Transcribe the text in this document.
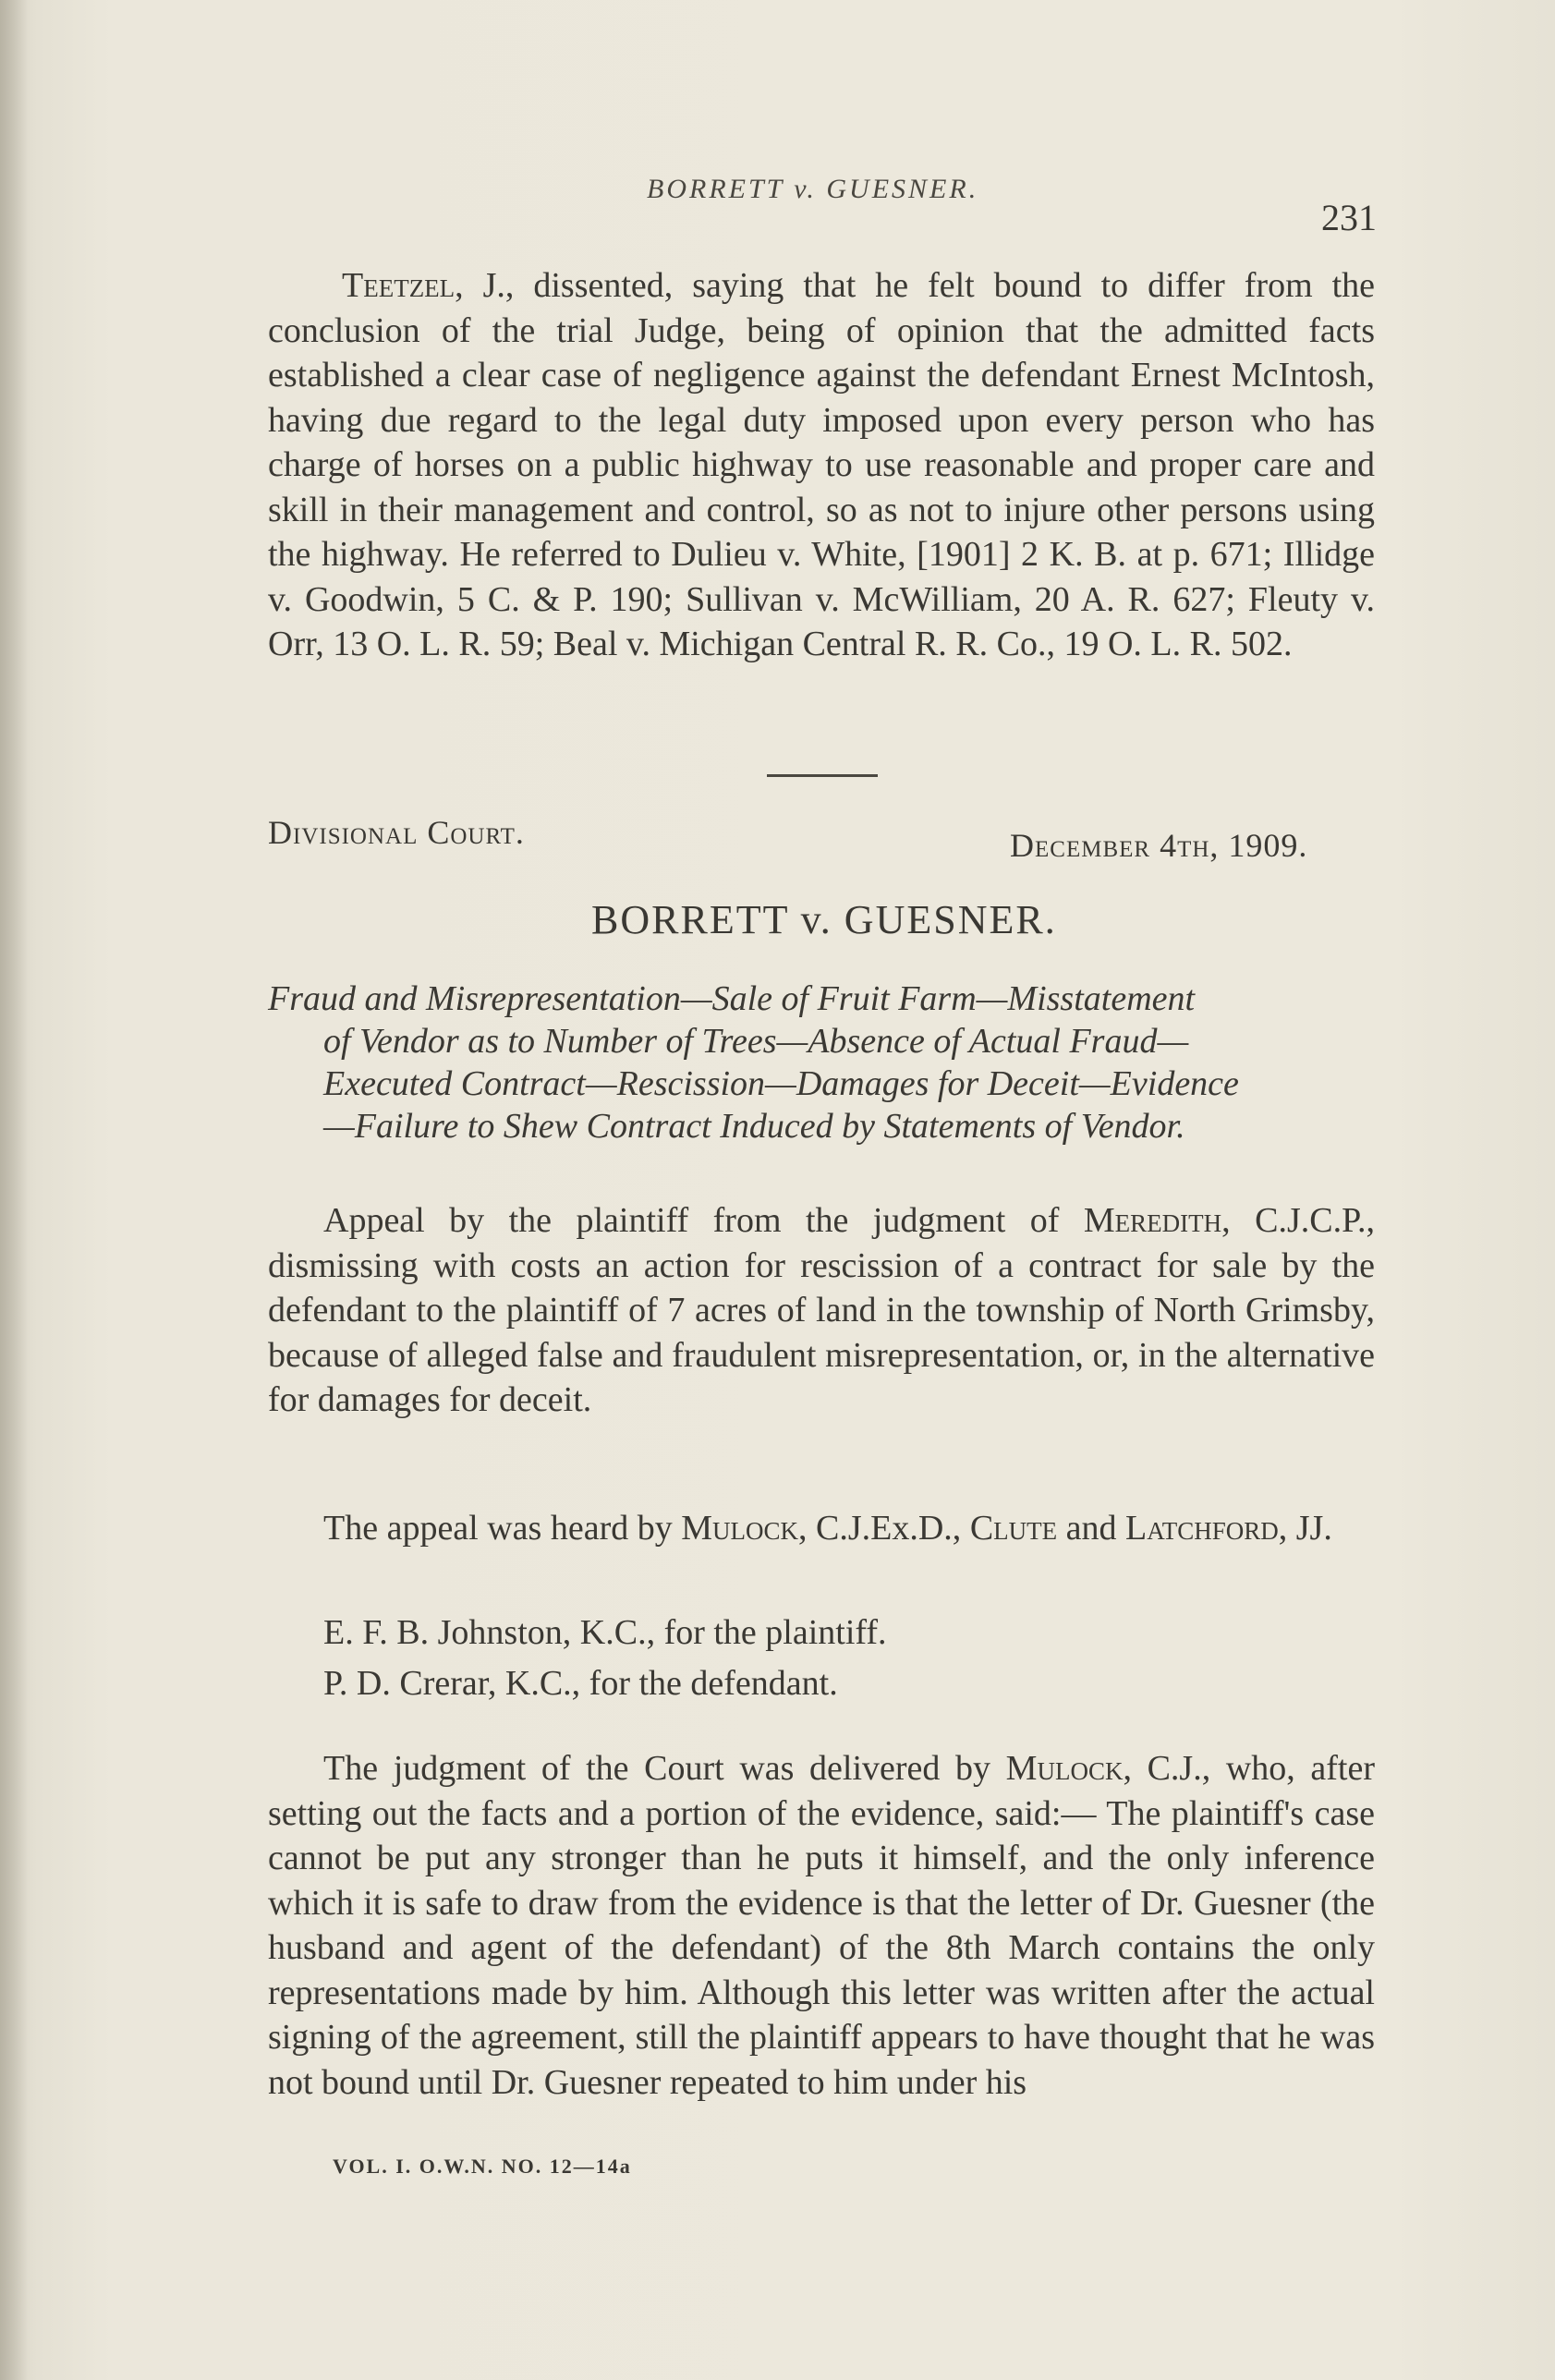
BORRETT v. GUESNER.

231

Teetzel, J., dissented, saying that he felt bound to differ from the conclusion of the trial Judge, being of opinion that the admitted facts established a clear case of negligence against the defendant Ernest McIntosh, having due regard to the legal duty imposed upon every person who has charge of horses on a public highway to use reasonable and proper care and skill in their management and control, so as not to injure other persons using the highway. He referred to Dulieu v. White, [1901] 2 K. B. at p. 671; Illidge v. Goodwin, 5 C. & P. 190; Sullivan v. McWilliam, 20 A. R. 627; Fleuty v. Orr, 13 O. L. R. 59; Beal v. Michigan Central R. R. Co., 19 O. L. R. 502.

Divisional Court.	December 4th, 1909.

BORRETT v. GUESNER.

Fraud and Misrepresentation—Sale of Fruit Farm—Misstatement
of Vendor as to Number of Trees—Absence of Actual Fraud—
Executed Contract—Rescission—Damages for Deceit—Evidence
—Failure to Shew Contract Induced by Statements of Vendor.

Appeal by the plaintiff from the judgment of Meredith, C.J.C.P., dismissing with costs an action for rescission of a contract for sale by the defendant to the plaintiff of 7 acres of land in the township of North Grimsby, because of alleged false and fraudulent misrepresentation, or, in the alternative for damages for deceit.

The appeal was heard by Mulock, C.J.Ex.D., Clute and Latchford, JJ.

E. F. B. Johnston, K.C., for the plaintiff.

P. D. Crerar, K.C., for the defendant.

The judgment of the Court was delivered by Mulock, C.J., who, after setting out the facts and a portion of the evidence, said:— The plaintiff's case cannot be put any stronger than he puts it himself, and the only inference which it is safe to draw from the evidence is that the letter of Dr. Guesner (the husband and agent of the defendant) of the 8th March contains the only representations made by him. Although this letter was written after the actual signing of the agreement, still the plaintiff appears to have thought that he was not bound until Dr. Guesner repeated to him under his

VOL. I. O.W.N. NO. 12—14a
